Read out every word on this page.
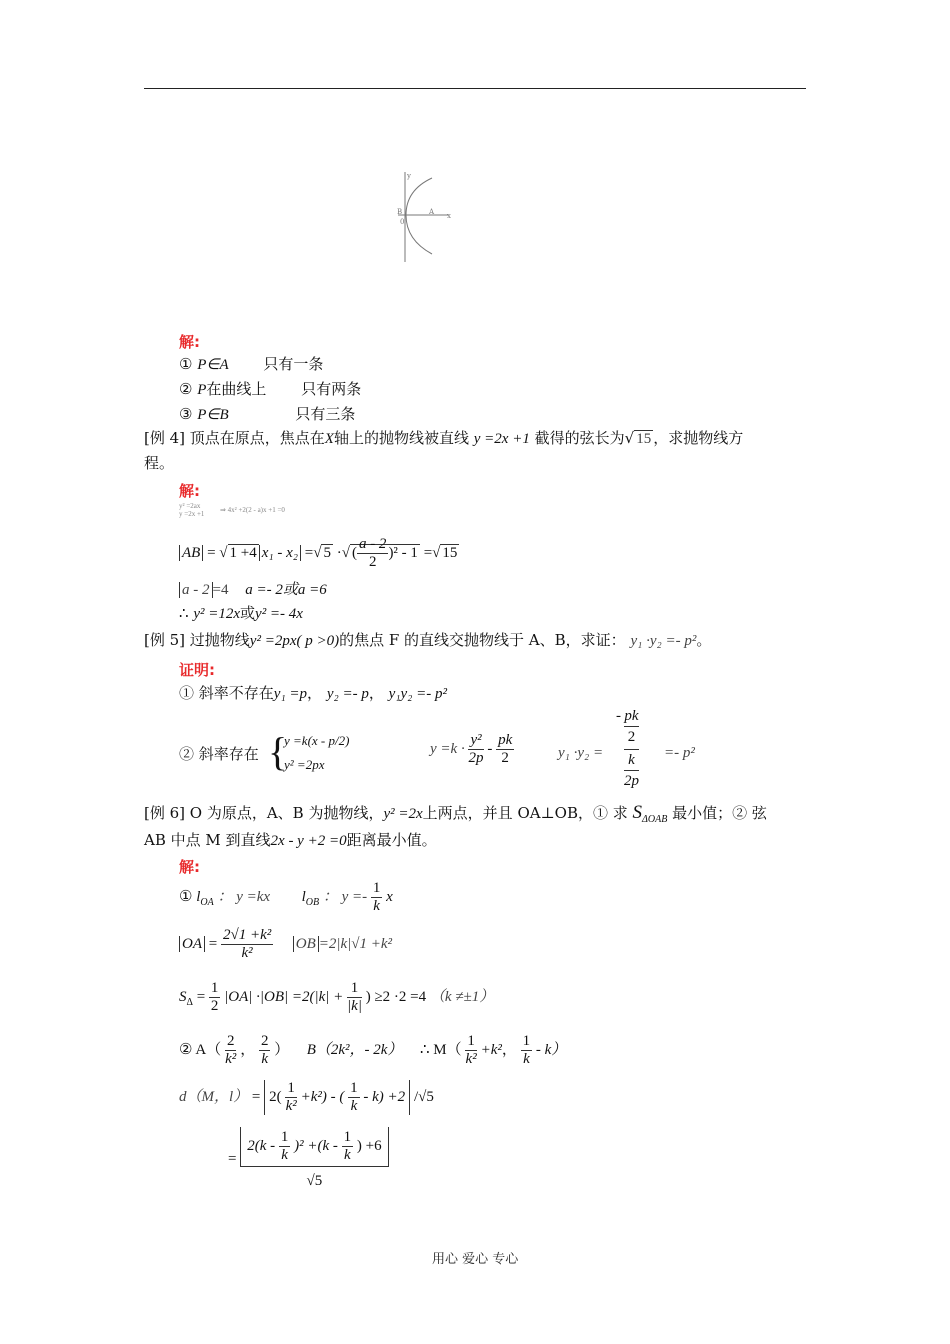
y
x
B	A
0
解:
① P∈A 只有一条
② P在曲线上 只有两条
③ P∈B	只有三条
[例 4] 顶点在原点，焦点在X轴上的抛物线被直线 y =2x +1 截得的弦长为√ 15 ，求抛物线方
程。
解:
y² =2ax
y =2x +1 ⇒ 4x² +2(2 - a)x +1 =0
AB = √ 1 +4 x₁ - x₂ =√ 5 ·√ ( $\frac{a - 2}{2} )^2 - 1$ =√ 15
a - 2 =4 a =- 2或a =6
∴ y² =12x或y² =- 4x
[例 5] 过抛物线y² =2px( p >0)的焦点 F 的直线交抛物线于 A、B，求证： y₁ ·y₂ =- p²。
证明:
① 斜率不存在y₁ =p， y₂ =- p， y₁y₂ =- p²
② 斜率存在 {
y =k(x - p/2)
y² =2px
$y =k \cdot \frac{\text{y²}}{2p} - \frac{pk}{2}$	y₁ ·y₂ =
- pk
2
k
2p
=- p²
[例 6] O 为原点，A、B 为抛物线，y² =2x上两点，并且 OA⊥OB，① 求 $S_{\Delta OAB}$ 最小值；② 弦
AB 中点 M 到直线2x - y +2 =0距离最小值。
解:
① $l_{OA}$ ： y =kx $l_{OB}$ ： $y =- \frac{1}{k}$ x
OA = $\frac{\text{2√1 +k²}}{\text{k²}}$ OB =2|k|√1 +k²
$S_\Delta = \frac{1}{2} |OA| \cdot|OB| =2(|k| + \frac{1}{|k|}$ ) ≥2 ·2 =4 （k ≠±1）
② $A( \frac{2}{\text{k²}}$ ， $\frac{2}{k}$ ） B（2k²，- 2k） ∴ $M( \frac{1}{\text{k²}} +k^2$， $\frac{1}{k} - k$）
d（M，$l) = 2( \frac{1}{\text{k²}} +k^2)$ - ( $\frac{1}{k} - k) +2$ /√5
= $\frac{2(k - \frac{1}{k} )^2 +(k - \frac{1}{k} ) +6}{√5}$
用心 爱心 专心
